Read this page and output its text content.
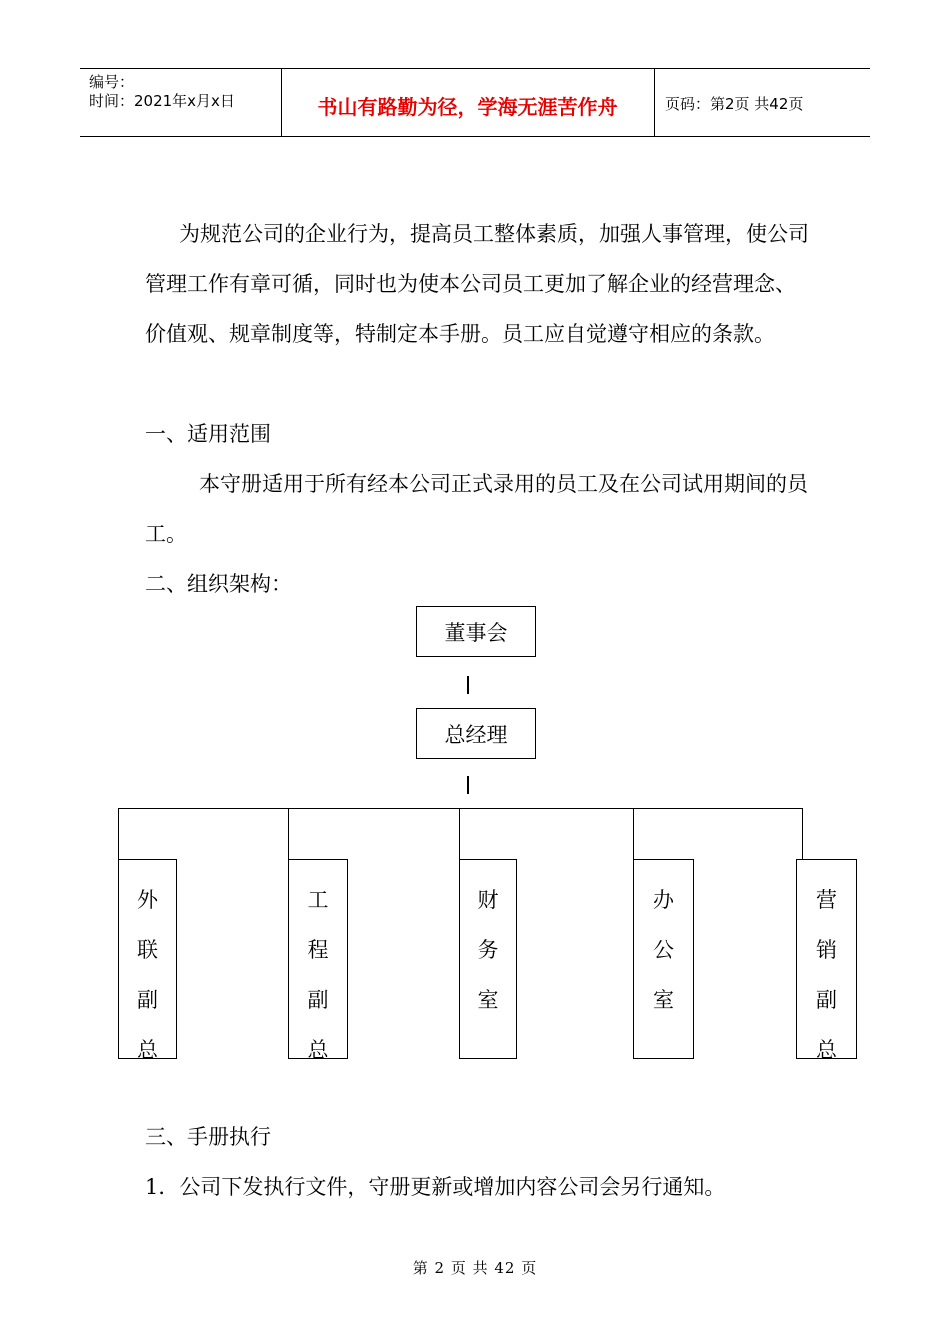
编号：
时间：2021年x月x日	书山有路勤为径，学海无涯苦作舟	页码：第2页 共42页
为规范公司的企业行为，提高员工整体素质，加强人事管理，使公司管理工作有章可循，同时也为使本公司员工更加了解企业的经营理念、价值观、规章制度等，特制定本手册。员工应自觉遵守相应的条款。
一、适用范围
本守册适用于所有经本公司正式录用的员工及在公司试用期间的员工。
二、组织架构：
董事会
总经理
外
联
副
总
工
程
副
总
财
务
室
办
公
室
营
销
副
总
三、手册执行
1．公司下发执行文件，守册更新或增加内容公司会另行通知。
第 2 页 共 42 页
